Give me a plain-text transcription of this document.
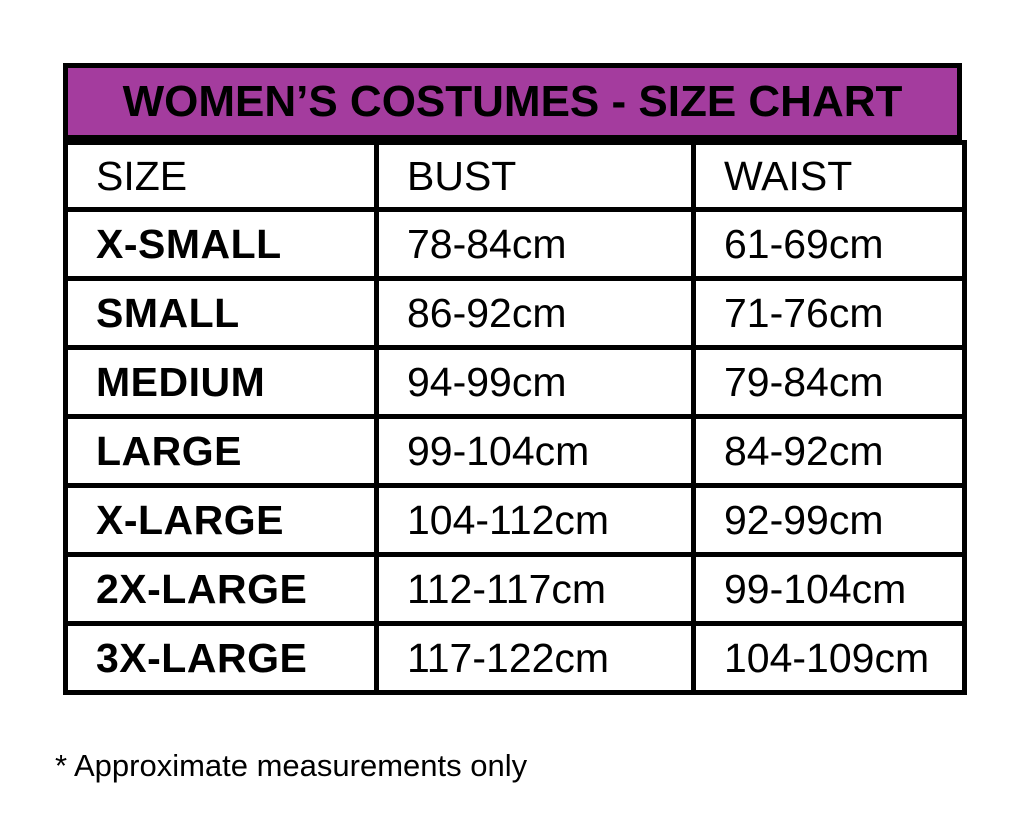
WOMEN’S COSTUMES - SIZE CHART
SIZE	BUST	WAIST
X-SMALL	78-84cm	61-69cm
SMALL	86-92cm	71-76cm
MEDIUM	94-99cm	79-84cm
LARGE	99-104cm	84-92cm
X-LARGE	104-112cm	92-99cm
2X-LARGE	112-117cm	99-104cm
3X-LARGE	117-122cm	104-109cm
* Approximate measurements only
